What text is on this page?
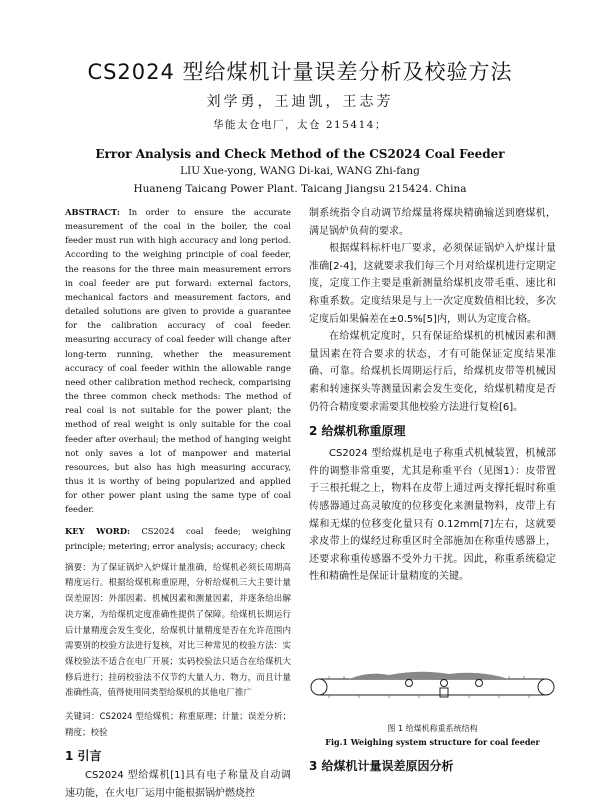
CS2024 型给煤机计量误差分析及校验方法
刘学勇，王迪凯，王志芳
华能太仓电厂，太仓 215414；
Error Analysis and Check Method of the CS2024 Coal Feeder
LIU Xue-yong, WANG Di-kai, WANG Zhi-fang
Huaneng Taicang Power Plant. Taicang Jiangsu 215424. China

ABSTRACT: In order to ensure the accurate measurement of the coal in the boiler, the coal feeder must run with high accuracy and long period. According to the weighing principle of coal feeder, the reasons for the three main measurement errors in coal feeder are put forward: external factors, mechanical factors and measurement factors, and detailed solutions are given to provide a guarantee for the calibration accuracy of coal feeder. measuring accuracy of coal feeder will change after long-term running, whether the measurement accuracy of coal feeder within the allowable range need other calibration method recheck, comparising the three common check methods: The method of real coal is not suitable for the power plant; the method of real weight is only suitable for the coal feeder after overhaul; the method of hanging weight not only saves a lot of manpower and material resources, but also has high measuring accuracy, thus it is worthy of being popularized and applied for other power plant using the same type of coal feeder.

KEY WORD: CS2024 coal feede; weighing principle; metering; error analysis; accuracy; check

摘要：为了保证锅炉入炉煤计量准确，给煤机必须长周期高精度运行。根据给煤机称重原理，分析给煤机三大主要计量误差原因：外部因素、机械因素和测量因素，并逐条给出解决方案，为给煤机定度准确性提供了保障。给煤机长期运行后计量精度会发生变化，给煤机计量精度是否在允许范围内需要别的校验方法进行复核，对比三种常见的校验方法：实煤校验法不适合在电厂开展；实码校验法只适合在给煤机大修后进行；挂码校验法不仅节约大量人力、物力，而且计量准确性高，值得使用同类型给煤机的其他电厂推广

关键词：CS2024 型给煤机；称重原理；计量；误差分析；精度；校验

1 引言

CS2024 型给煤机[1]具有电子称量及自动调速功能，在火电厂运用中能根据锅炉燃烧控

制系统指令自动调节给煤量将煤块精确输送到磨煤机，满足锅炉负荷的要求。

根据煤料标杆电厂要求，必须保证锅炉入炉煤计量准确[2-4]，这就要求我们每三个月对给煤机进行定期定度，定度工作主要是重新测量给煤机皮带毛重、速比和称重系数。定度结果是与上一次定度数值相比较，多次定度后如果偏差在±0.5%[5]内，则认为定度合格。

在给煤机定度时，只有保证给煤机的机械因素和测量因素在符合要求的状态，才有可能保证定度结果准确、可靠。给煤机长周期运行后，给煤机皮带等机械因素和转速探头等测量因素会发生变化，给煤机精度是否仍符合精度要求需要其他校验方法进行复检[6]。

2 给煤机称重原理

CS2024 型给煤机是电子称重式机械装置，机械部件的调整非常重要，尤其是称重平台（见图1）：皮带置于三根托辊之上，物料在皮带上通过两支撑托辊时称重传感器通过高灵敏度的位移变化来测量物料，皮带上有煤和无煤的位移变化量只有 0.12mm[7]左右，这就要求皮带上的煤经过称重区时全部施加在称重传感器上，还要求称重传感器不受外力干扰。因此，称重系统稳定性和精确性是保证计量精度的关键。

图 1 给煤机称重系统结构
Fig.1 Weighing system structure for coal feeder

3 给煤机计量误差原因分析
